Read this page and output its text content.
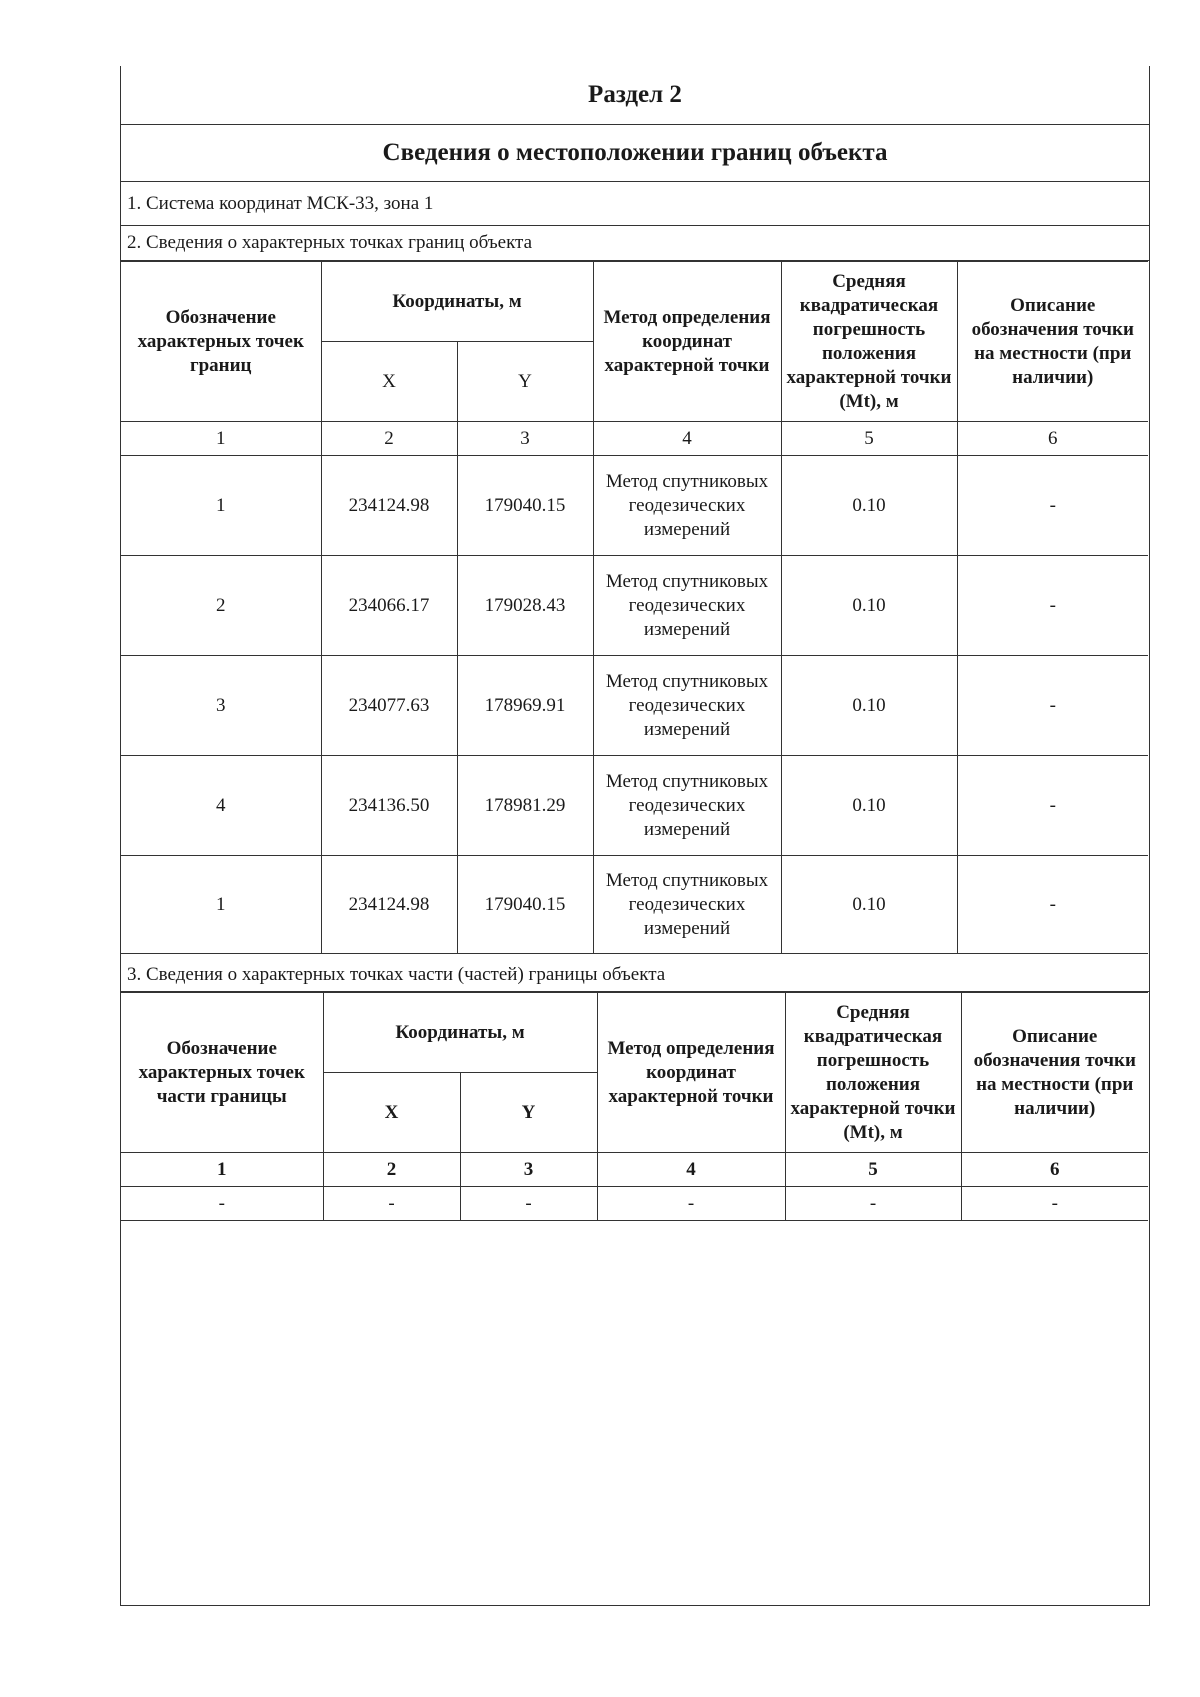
Раздел 2
Сведения о местоположении границ объекта
1. Система координат МСК-33, зона 1
2. Сведения о характерных точках границ объекта
Обозначение характерных точек границ	Координаты, м		Метод определения координат характерной точки	Средняя квадратическая погрешность положения характерной точки (Mt), м	Описание обозначения точки на местности (при наличии)
	X	Y			
1	2	3	4	5	6
1	234124.98	179040.15	Метод спутниковых геодезических измерений	0.10	-
2	234066.17	179028.43	Метод спутниковых геодезических измерений	0.10	-
3	234077.63	178969.91	Метод спутниковых геодезических измерений	0.10	-
4	234136.50	178981.29	Метод спутниковых геодезических измерений	0.10	-
1	234124.98	179040.15	Метод спутниковых геодезических измерений	0.10	-
3. Сведения о характерных точках части (частей) границы объекта
Обозначение характерных точек части границы	Координаты, м		Метод определения координат характерной точки	Средняя квадратическая погрешность положения характерной точки (Mt), м	Описание обозначения точки на местности (при наличии)
	X	Y			
1	2	3	4	5	6
-	-	-	-	-	-
